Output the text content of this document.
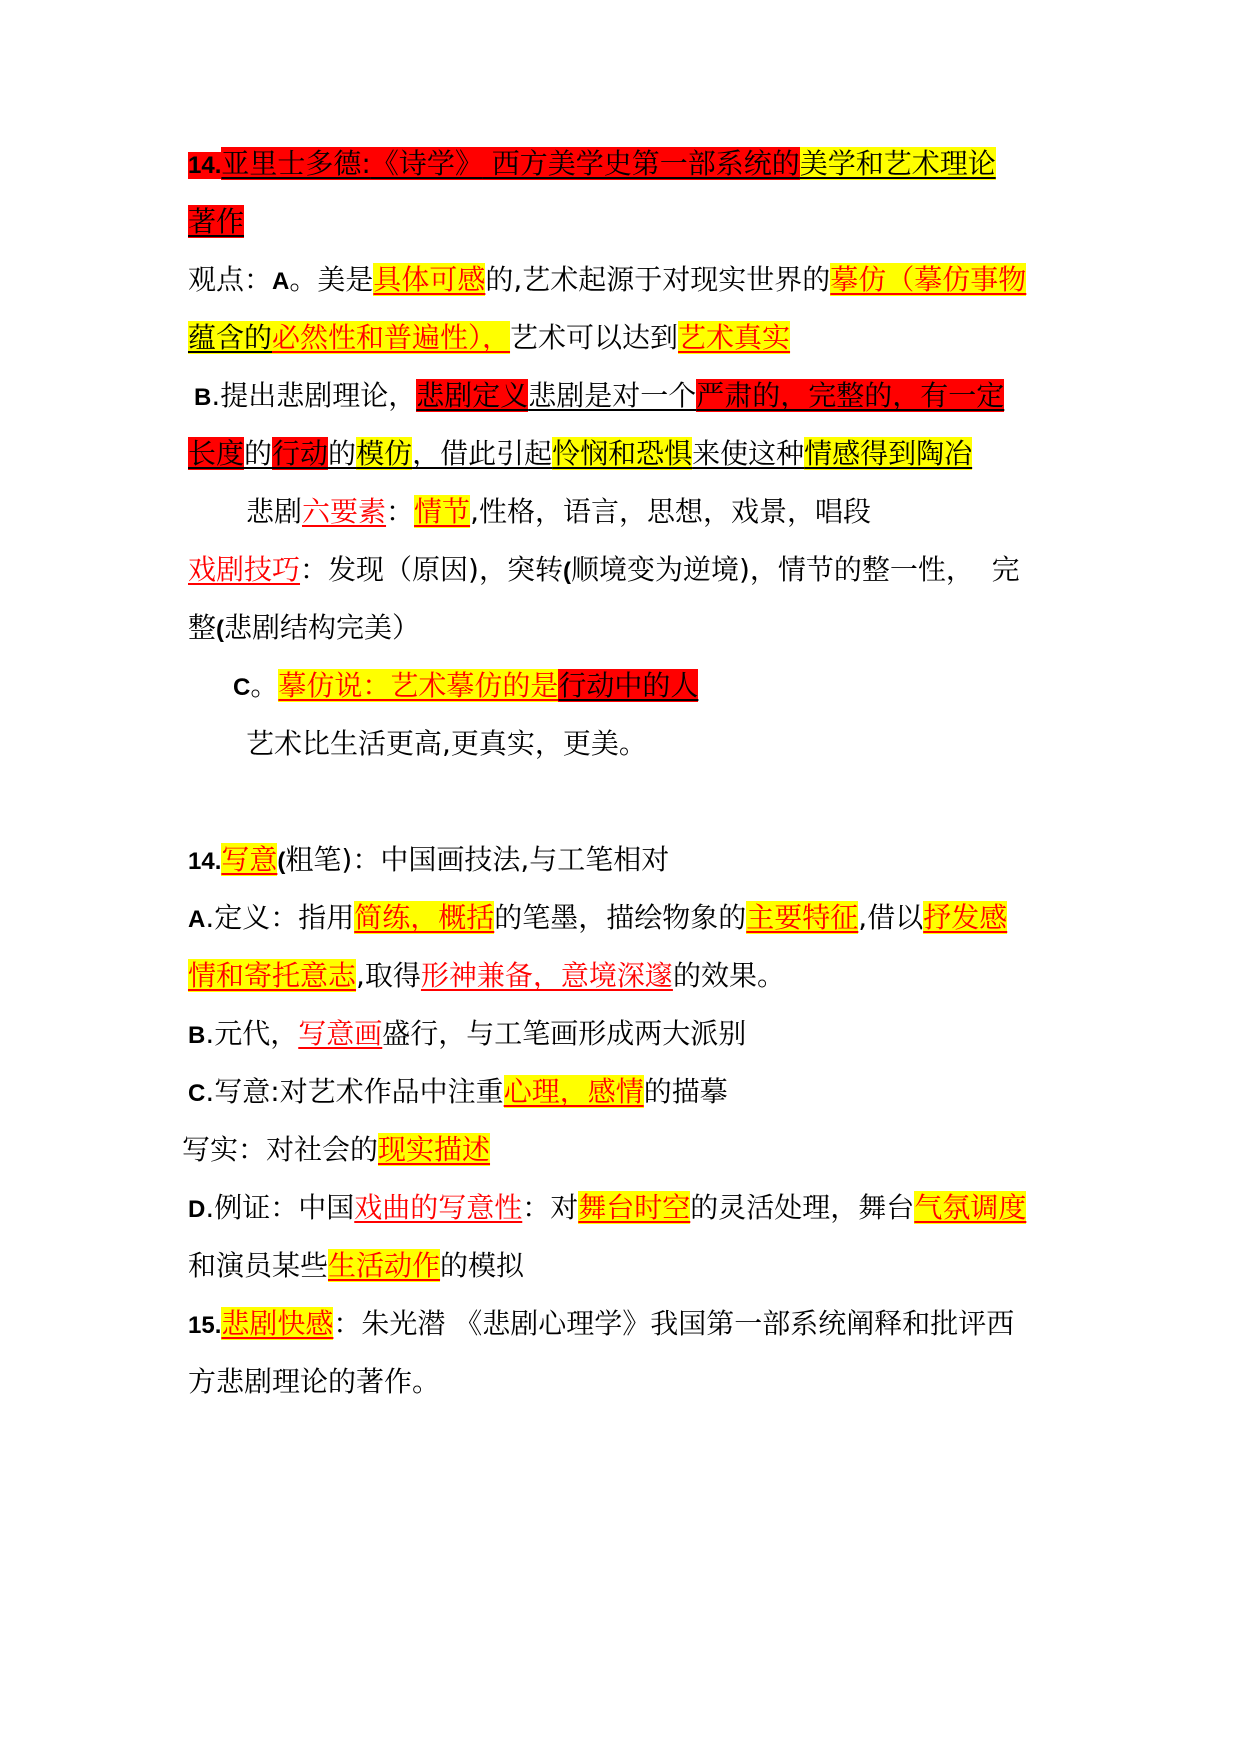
14.亚里士多德:《诗学》 西方美学史第一部系统的美学和艺术理论
著作
观点：A。美是具体可感的,艺术起源于对现实世界的摹仿（摹仿事物
蕴含的必然性和普遍性），艺术可以达到艺术真实
B.提出悲剧理论，悲剧定义悲剧是对一个严肃的，完整的，有一定
长度的行动的模仿，借此引起怜悯和恐惧来使这种情感得到陶冶
悲剧六要素：情节,性格，语言，思想，戏景，唱段
戏剧技巧：发现（原因)，突转(顺境变为逆境)，情节的整一性，  完
整(悲剧结构完美）
C。摹仿说：艺术摹仿的是行动中的人
艺术比生活更高,更真实，更美。
14.写意(粗笔)：中国画技法,与工笔相对
A.定义：指用简练，概括的笔墨，描绘物象的主要特征,借以抒发感
情和寄托意志,取得形神兼备，意境深邃的效果。
B.元代，写意画盛行，与工笔画形成两大派别
C.写意:对艺术作品中注重心理，感情的描摹
写实：对社会的现实描述
D.例证：中国戏曲的写意性：对舞台时空的灵活处理，舞台气氛调度
和演员某些生活动作的模拟
15.悲剧快感：朱光潜 《悲剧心理学》我国第一部系统阐释和批评西
方悲剧理论的著作。
